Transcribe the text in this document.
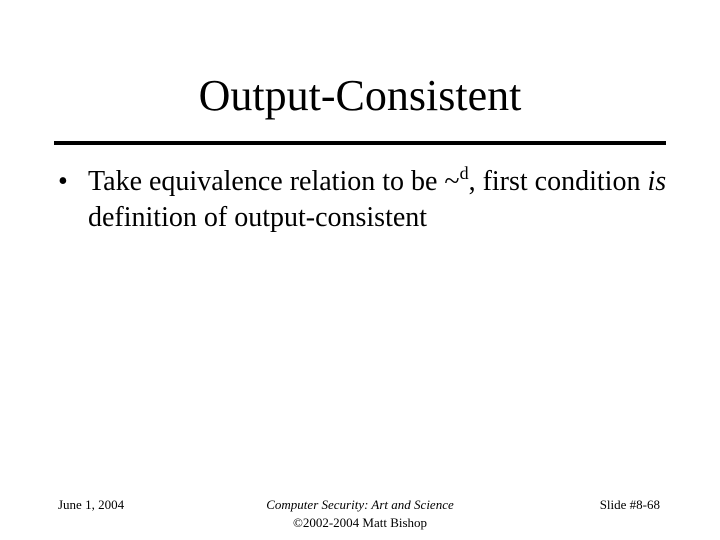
Output-Consistent
• Take equivalence relation to be ~$^d$, first condition is definition of output-consistent
June 1, 2004	Computer Security: Art and Science
©2002-2004 Matt Bishop
Slide #8-68
